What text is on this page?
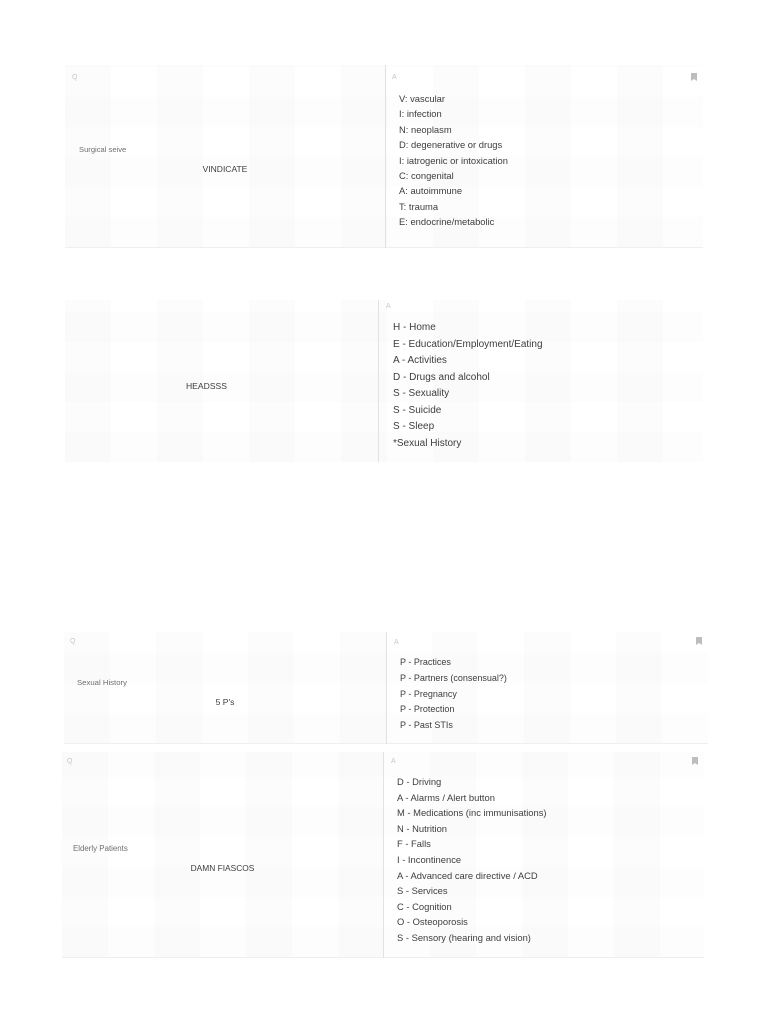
Q
Surgical seive
VINDICATE
A
V: vascular
I: infection
N: neoplasm
D: degenerative or drugs
I: iatrogenic or intoxication
C: congenital
A: autoimmune
T: trauma
E: endocrine/metabolic
HEADSSS
A
H - Home
E - Education/Employment/Eating
A - Activities
D - Drugs and alcohol
S - Sexuality
S - Suicide
S - Sleep
*Sexual History
Q
Sexual History
5 P's
A
P - Practices
P - Partners (consensual?)
P - Pregnancy
P - Protection
P - Past STIs
Q
Elderly Patients
DAMN FIASCOS
A
D - Driving
A - Alarms / Alert button
M - Medications (inc immunisations)
N - Nutrition
F - Falls
I - Incontinence
A - Advanced care directive / ACD
S - Services
C - Cognition
O - Osteoporosis
S - Sensory (hearing and vision)
